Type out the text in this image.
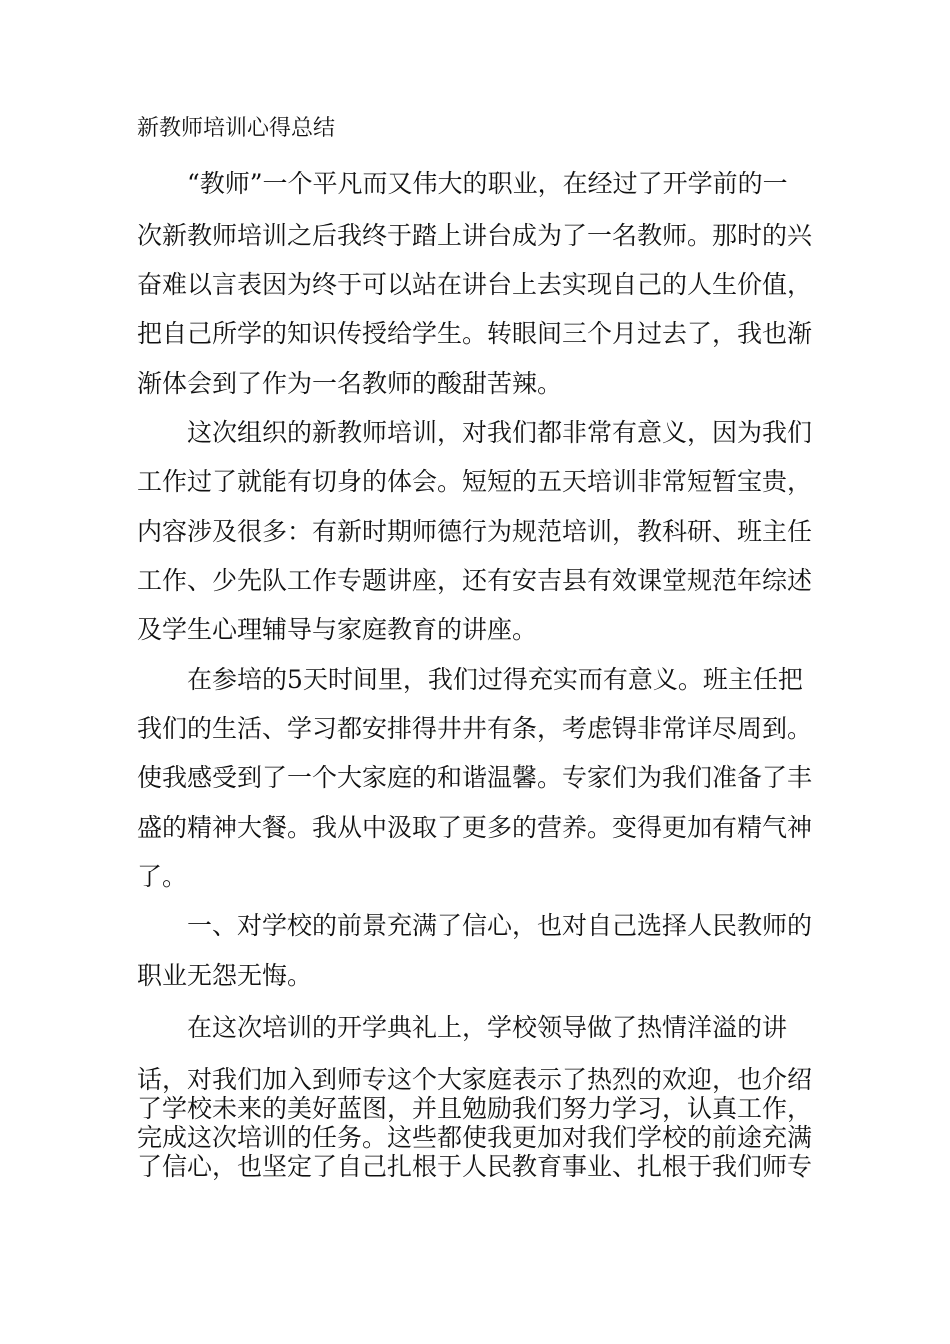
新教师培训心得总结
“教师”一个平凡而又伟大的职业，在经过了开学前的一
次新教师培训之后我终于踏上讲台成为了一名教师。那时的兴
奋难以言表因为终于可以站在讲台上去实现自己的人生价值，
把自己所学的知识传授给学生。转眼间三个月过去了，我也渐
渐体会到了作为一名教师的酸甜苦辣。
这次组织的新教师培训，对我们都非常有意义，因为我们
工作过了就能有切身的体会。短短的五天培训非常短暂宝贵，
内容涉及很多：有新时期师德行为规范培训，教科研、班主任
工作、少先队工作专题讲座，还有安吉县有效课堂规范年综述
及学生心理辅导与家庭教育的讲座。
在参培的5天时间里，我们过得充实而有意义。班主任把
我们的生活、学习都安排得井井有条，考虑锝非常详尽周到。
使我感受到了一个大家庭的和谐温馨。专家们为我们准备了丰
盛的精神大餐。我从中汲取了更多的营养。变得更加有精气神
了。
一、对学校的前景充满了信心，也对自己选择人民教师的
职业无怨无悔。
在这次培训的开学典礼上，学校领导做了热情洋溢的讲
话，对我们加入到师专这个大家庭表示了热烈的欢迎，也介绍
了学校未来的美好蓝图，并且勉励我们努力学习，认真工作，
完成这次培训的任务。这些都使我更加对我们学校的前途充满
了信心，也坚定了自己扎根于人民教育事业、扎根于我们师专
